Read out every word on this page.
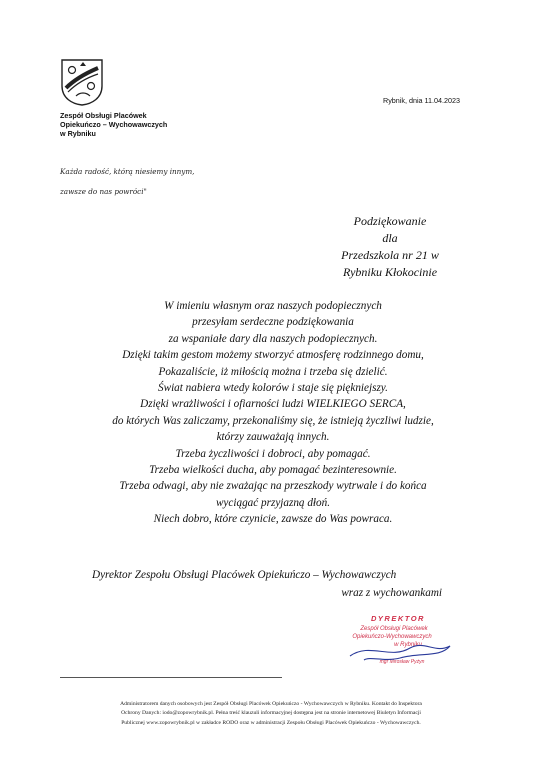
Zespół Obsługi Placówek
Opiekuńczo – Wychowawczych
w Rybniku
Rybnik, dnia 11.04.2023
Każda radość, którą niesiemy innym,
zawsze do nas powróci"
Podziękowanie
dla
Przedszkola nr 21 w
Rybniku Kłokocinie
W imieniu własnym oraz naszych podopiecznych
przesyłam serdeczne podziękowania
za wspaniałe dary dla naszych podopiecznych.
Dzięki takim gestom możemy stworzyć atmosferę rodzinnego domu,
Pokazaliście, iż miłością można i trzeba się dzielić.
Świat nabiera wtedy kolorów i staje się piękniejszy.
Dzięki wrażliwości i ofiarności ludzi WIELKIEGO SERCA,
do których Was zaliczamy, przekonaliśmy się, że istnieją życzliwi ludzie,
którzy zauważają innych.
Trzeba życzliwości i dobroci, aby pomagać.
Trzeba wielkości ducha, aby pomagać bezinteresownie.
Trzeba odwagi, aby nie zważając na przeszkody wytrwale i do końca
wyciągać przyjazną dłoń.
Niech dobro, które czynicie, zawsze do Was powraca.
Dyrektor Zespołu Obsługi Placówek Opiekuńczo – Wychowawczych
wraz z wychowankami
DYREKTOR
Zespół Obsługi Placówek
Opiekuńczo-Wychowawczych
w Rybniku
mgr Mirosław Pyżyn
Administratorem danych osobowych jest Zespół Obsługi Placówek Opiekuńczo - Wychowawczych w Rybniku. Kontakt do Inspektora
Ochrony Danych: iodo@zopowrybnik.pl. Pełna treść klauzuli informacyjnej dostępna jest na stronie internetowej Biuletyn Informacji
Publicznej www.zopowrybnik.pl w zakładce RODO oraz w administracji Zespołu Obsługi Placówek Opiekuńczo - Wychowawczych.
